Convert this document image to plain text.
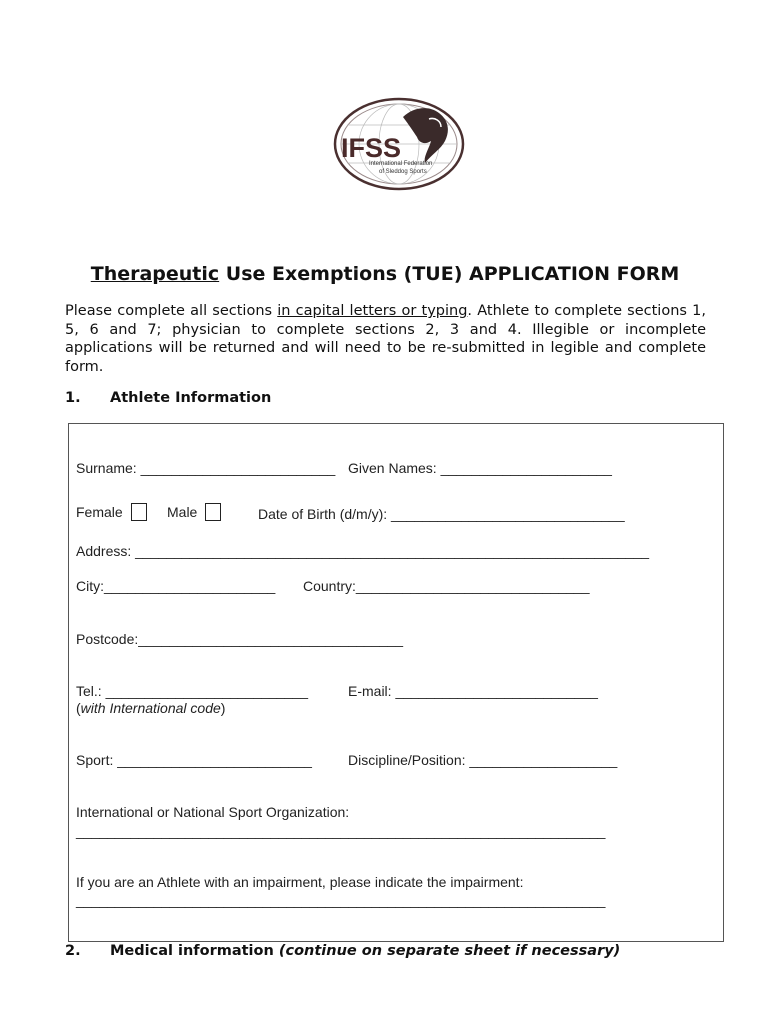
IFSS
International Federation
of Sleddog Sports
Therapeutic Use Exemptions (TUE) APPLICATION FORM
Please complete all sections in capital letters or typing. Athlete to complete sections 1, 5, 6 and 7; physician to complete sections 2, 3 and 4. Illegible or incomplete applications will be returned and will need to be re-submitted in legible and complete form.
1. Athlete Information
Surname: _________________________ Given Names: ______________________
Female	Male	Date of Birth (d/m/y): ______________________________
Address: __________________________________________________________________
City:______________________ Country:______________________________
Postcode:__________________________________
Tel.: __________________________
(with International code)
E-mail: __________________________
Sport: _________________________	Discipline/Position: ___________________
International or National Sport Organization:
____________________________________________________________________
If you are an Athlete with an impairment, please indicate the impairment:
____________________________________________________________________
2. Medical information (continue on separate sheet if necessary)
